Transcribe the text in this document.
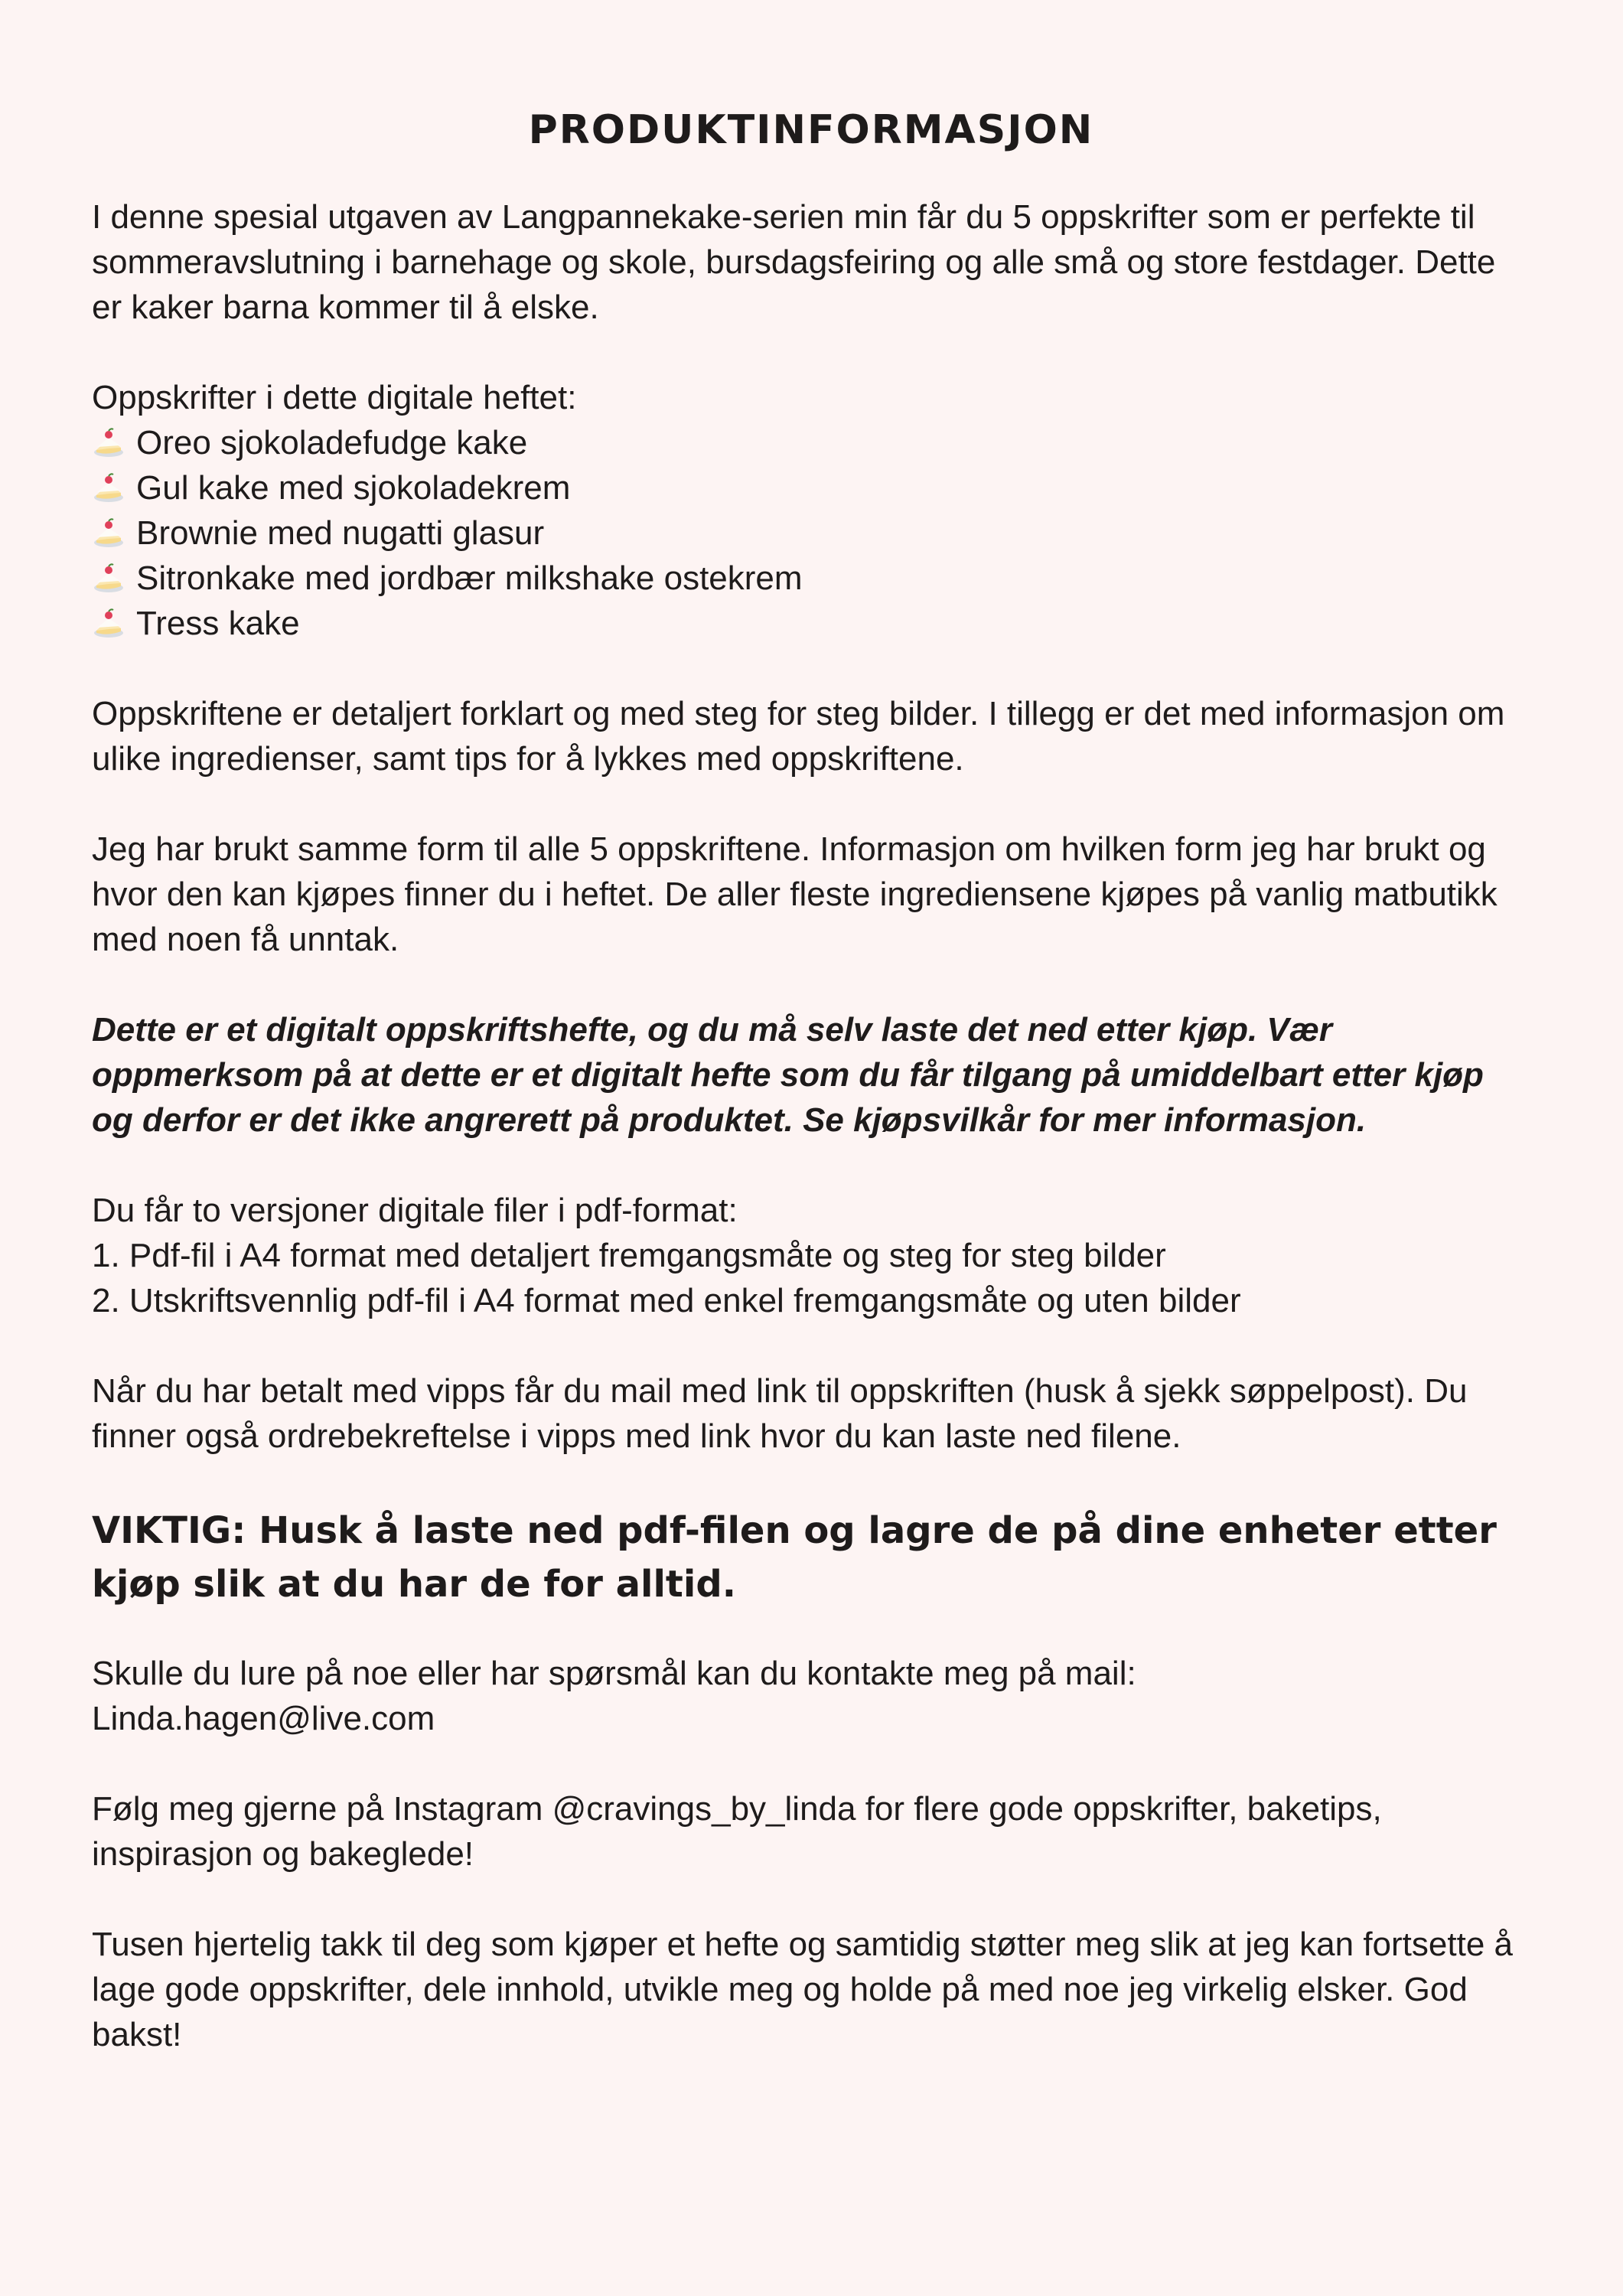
PRODUKTINFORMASJON

I denne spesial utgaven av Langpannekake-serien min får du 5 oppskrifter som er perfekte til sommeravslutning i barnehage og skole, bursdagsfeiring og alle små og store festdager. Dette er kaker barna kommer til å elske.

Oppskrifter i dette digitale heftet:
Oreo sjokoladefudge kake
Gul kake med sjokoladekrem
Brownie med nugatti glasur
Sitronkake med jordbær milkshake ostekrem
Tress kake

Oppskriftene er detaljert forklart og med steg for steg bilder. I tillegg er det med informasjon om ulike ingredienser, samt tips for å lykkes med oppskriftene.

Jeg har brukt samme form til alle 5 oppskriftene. Informasjon om hvilken form jeg har brukt og hvor den kan kjøpes finner du i heftet. De aller fleste ingrediensene kjøpes på vanlig matbutikk med noen få unntak.

Dette er et digitalt oppskriftshefte, og du må selv laste det ned etter kjøp. Vær oppmerksom på at dette er et digitalt hefte som du får tilgang på umiddelbart etter kjøp og derfor er det ikke angrerett på produktet. Se kjøpsvilkår for mer informasjon.

Du får to versjoner digitale filer i pdf-format:
1. Pdf-fil i A4 format med detaljert fremgangsmåte og steg for steg bilder
2. Utskriftsvennlig pdf-fil i A4 format med enkel fremgangsmåte og uten bilder

Når du har betalt med vipps får du mail med link til oppskriften (husk å sjekk søppelpost). Du finner også ordrebekreftelse i vipps med link hvor du kan laste ned filene.

VIKTIG: Husk å laste ned pdf-filen og lagre de på dine enheter etter kjøp slik at du har de for alltid.
Skulle du lure på noe eller har spørsmål kan du kontakte meg på mail:
Linda.hagen@live.com

Følg meg gjerne på Instagram @cravings_by_linda for flere gode oppskrifter, baketips, inspirasjon og bakeglede!

Tusen hjertelig takk til deg som kjøper et hefte og samtidig støtter meg slik at jeg kan fortsette å lage gode oppskrifter, dele innhold, utvikle meg og holde på med noe jeg virkelig elsker. God bakst!
